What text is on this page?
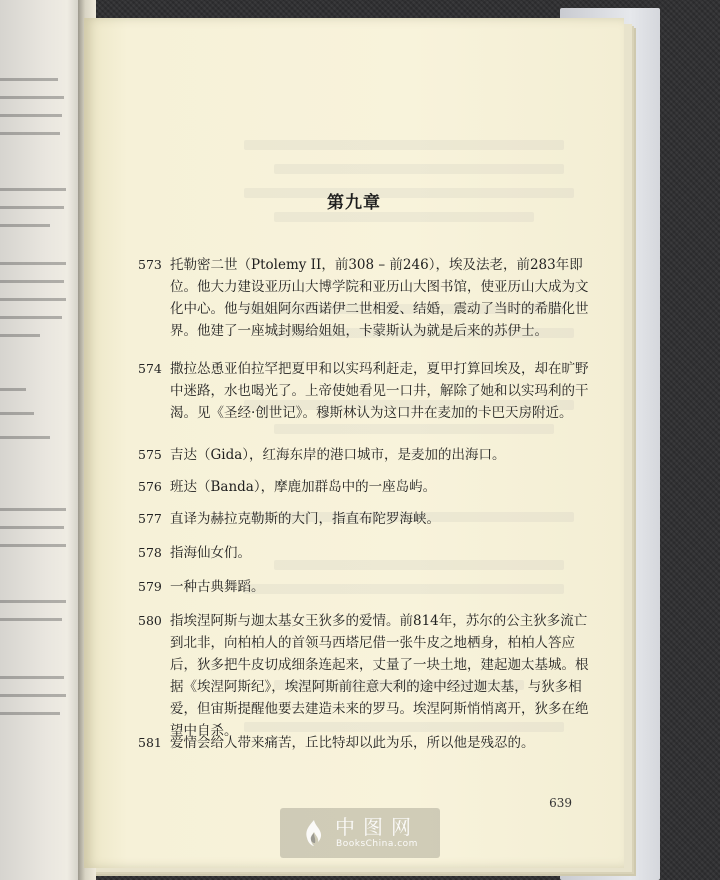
第九章
573 托勒密二世（Ptolemy II，前308 – 前246），埃及法老，前283年即位。他大力建设亚历山大博学院和亚历山大图书馆，使亚历山大成为文化中心。他与姐姐阿尔西诺伊二世相爱、结婚，震动了当时的希腊化世界。他建了一座城封赐给姐姐，卡蒙斯认为就是后来的苏伊士。

574 撒拉怂恿亚伯拉罕把夏甲和以实玛利赶走，夏甲打算回埃及，却在旷野中迷路，水也喝光了。上帝使她看见一口井，解除了她和以实玛利的干渴。见《圣经·创世记》。穆斯林认为这口井在麦加的卡巴天房附近。

575 吉达（Gida），红海东岸的港口城市，是麦加的出海口。

576 班达（Banda），摩鹿加群岛中的一座岛屿。

577 直译为赫拉克勒斯的大门，指直布陀罗海峡。

578 指海仙女们。

579 一种古典舞蹈。

580 指埃涅阿斯与迦太基女王狄多的爱情。前814年，苏尔的公主狄多流亡到北非，向柏柏人的首领马西塔尼借一张牛皮之地栖身，柏柏人答应后，狄多把牛皮切成细条连起来，丈量了一块土地，建起迦太基城。根据《埃涅阿斯纪》，埃涅阿斯前往意大利的途中经过迦太基，与狄多相爱，但宙斯提醒他要去建造未来的罗马。埃涅阿斯悄悄离开，狄多在绝望中自杀。

581 爱情会给人带来痛苦，丘比特却以此为乐，所以他是残忍的。

639
中图网
BooksChina.com
